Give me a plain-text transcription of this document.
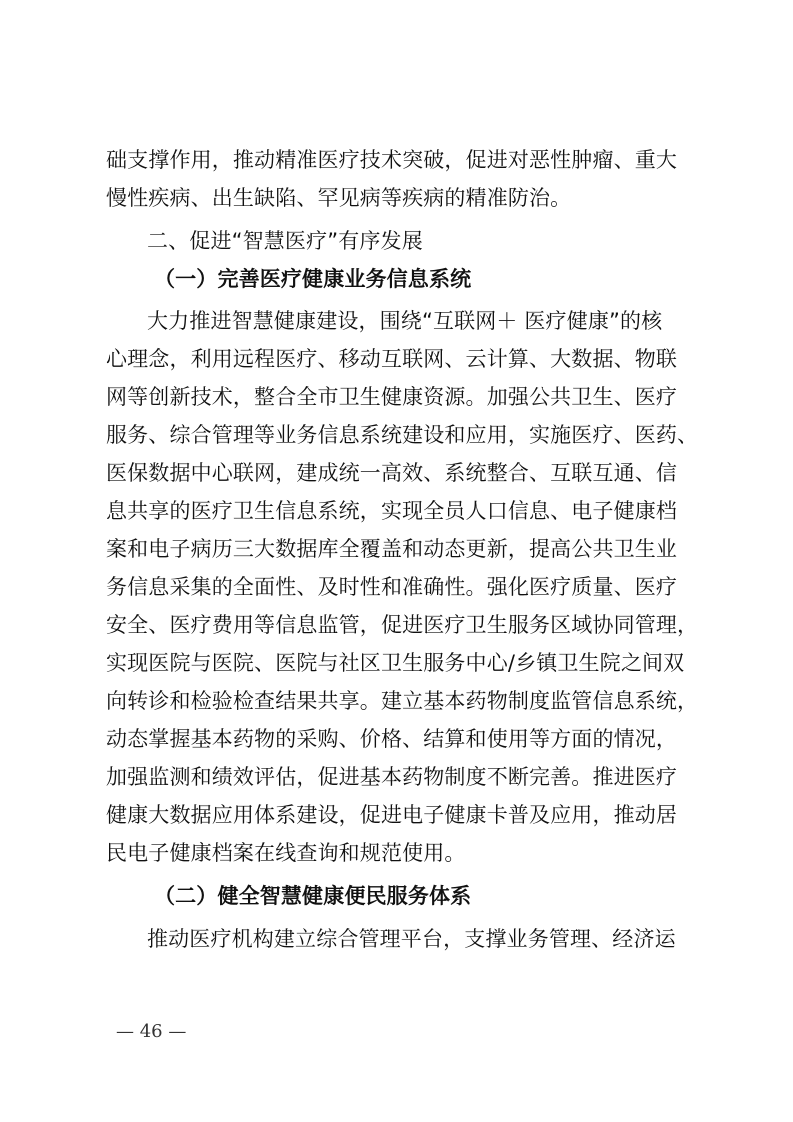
础支撑作用，推动精准医疗技术突破，促进对恶性肿瘤、重大
慢性疾病、出生缺陷、罕见病等疾病的精准防治。
二、促进“智慧医疗”有序发展
（一）完善医疗健康业务信息系统
大力推进智慧健康建设，围绕“互联网＋ 医疗健康”的核
心理念，利用远程医疗、移动互联网、云计算、大数据、物联
网等创新技术，整合全市卫生健康资源。加强公共卫生、医疗
服务、综合管理等业务信息系统建设和应用，实施医疗、医药、
医保数据中心联网，建成统一高效、系统整合、互联互通、信
息共享的医疗卫生信息系统，实现全员人口信息、电子健康档
案和电子病历三大数据库全覆盖和动态更新，提高公共卫生业
务信息采集的全面性、及时性和准确性。强化医疗质量、医疗
安全、医疗费用等信息监管，促进医疗卫生服务区域协同管理，
实现医院与医院、医院与社区卫生服务中心/乡镇卫生院之间双
向转诊和检验检查结果共享。建立基本药物制度监管信息系统，
动态掌握基本药物的采购、价格、结算和使用等方面的情况，
加强监测和绩效评估，促进基本药物制度不断完善。推进医疗
健康大数据应用体系建设，促进电子健康卡普及应用，推动居
民电子健康档案在线查询和规范使用。
（二）健全智慧健康便民服务体系
推动医疗机构建立综合管理平台，支撑业务管理、经济运
— 46 —
